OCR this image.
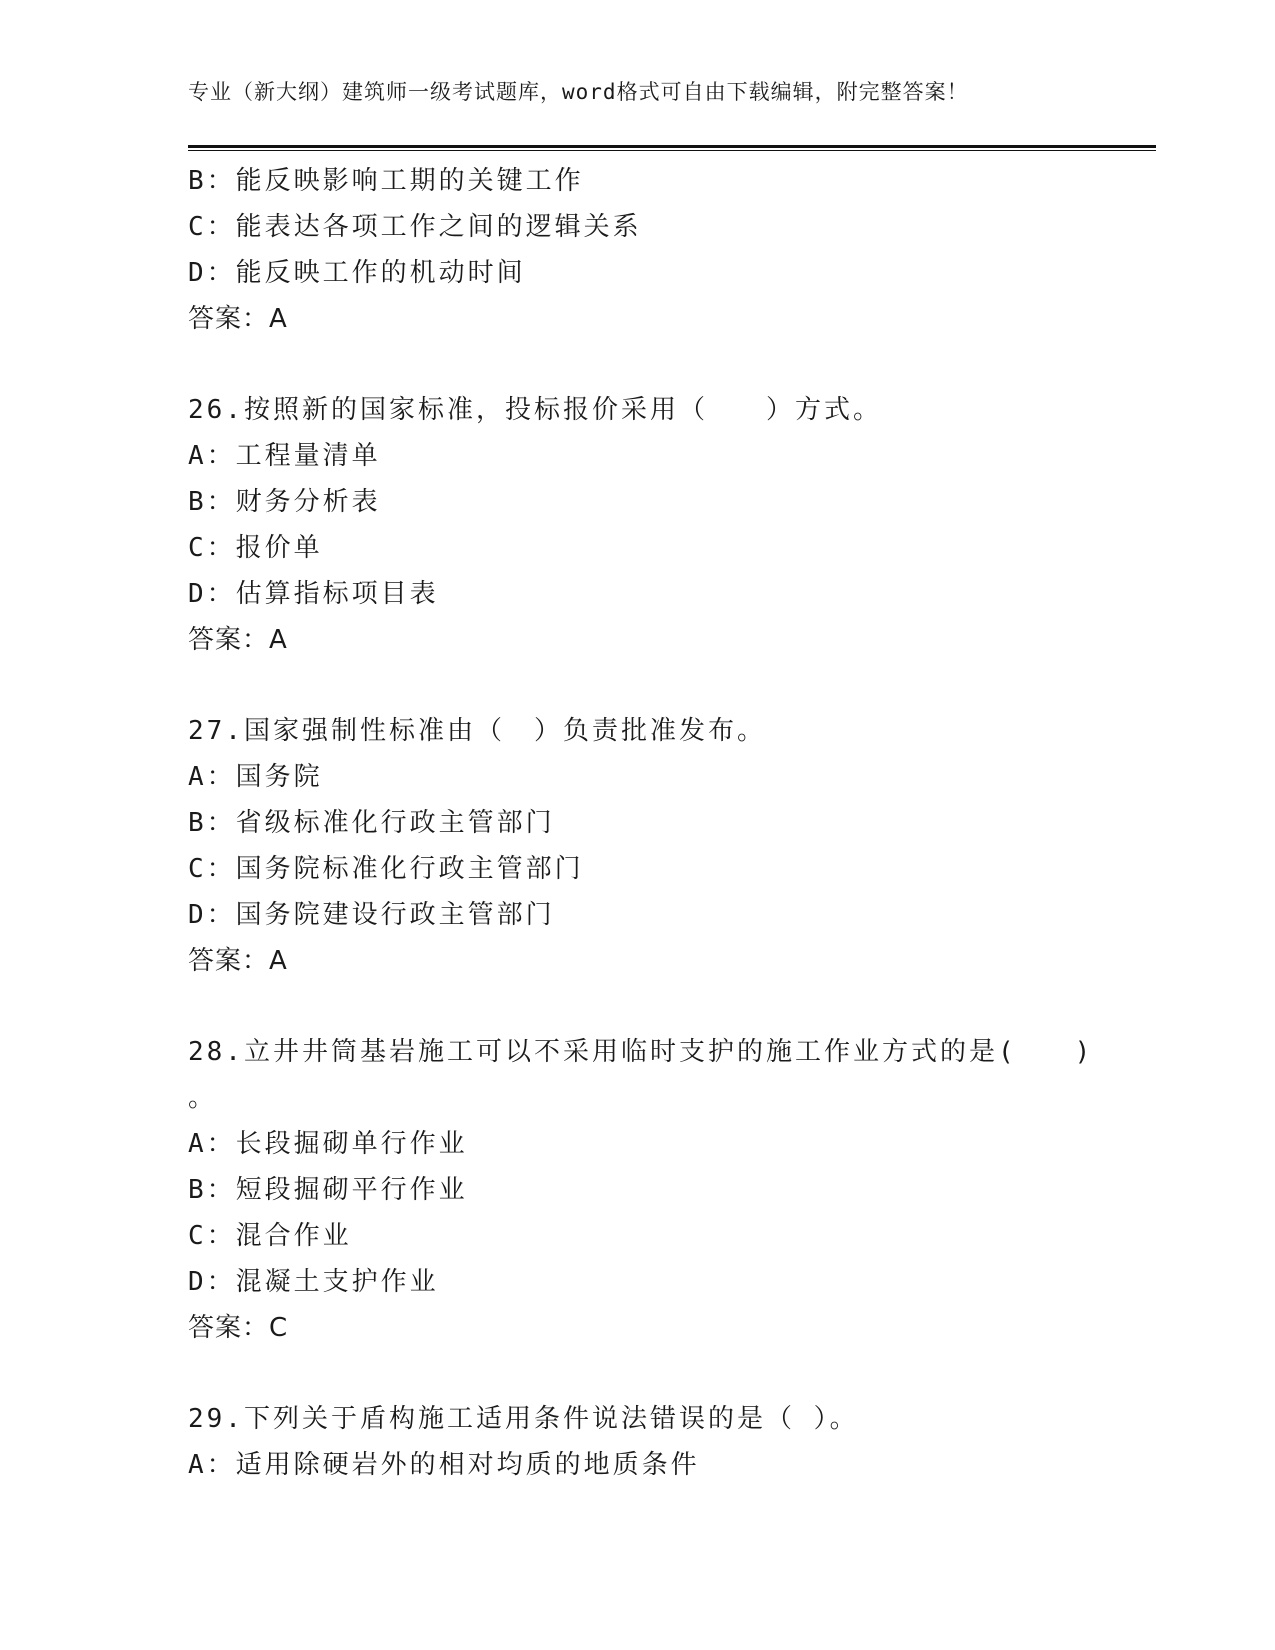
专业（新大纲）建筑师一级考试题库，word格式可自由下载编辑，附完整答案！
B：能反映影响工期的关键工作
C：能表达各项工作之间的逻辑关系
D：能反映工作的机动时间
答案：A
26.按照新的国家标准，投标报价采用（　　）方式。
A：工程量清单
B：财务分析表
C：报价单
D：估算指标项目表
答案：A
27.国家强制性标准由（　）负责批准发布。
A：国务院
B：省级标准化行政主管部门
C：国务院标准化行政主管部门
D：国务院建设行政主管部门
答案：A
28.立井井筒基岩施工可以不采用临时支护的施工作业方式的是(　　)
。
A：长段掘砌单行作业
B：短段掘砌平行作业
C：混合作业
D：混凝土支护作业
答案：C
29.下列关于盾构施工适用条件说法错误的是（ ）。
A：适用除硬岩外的相对均质的地质条件
